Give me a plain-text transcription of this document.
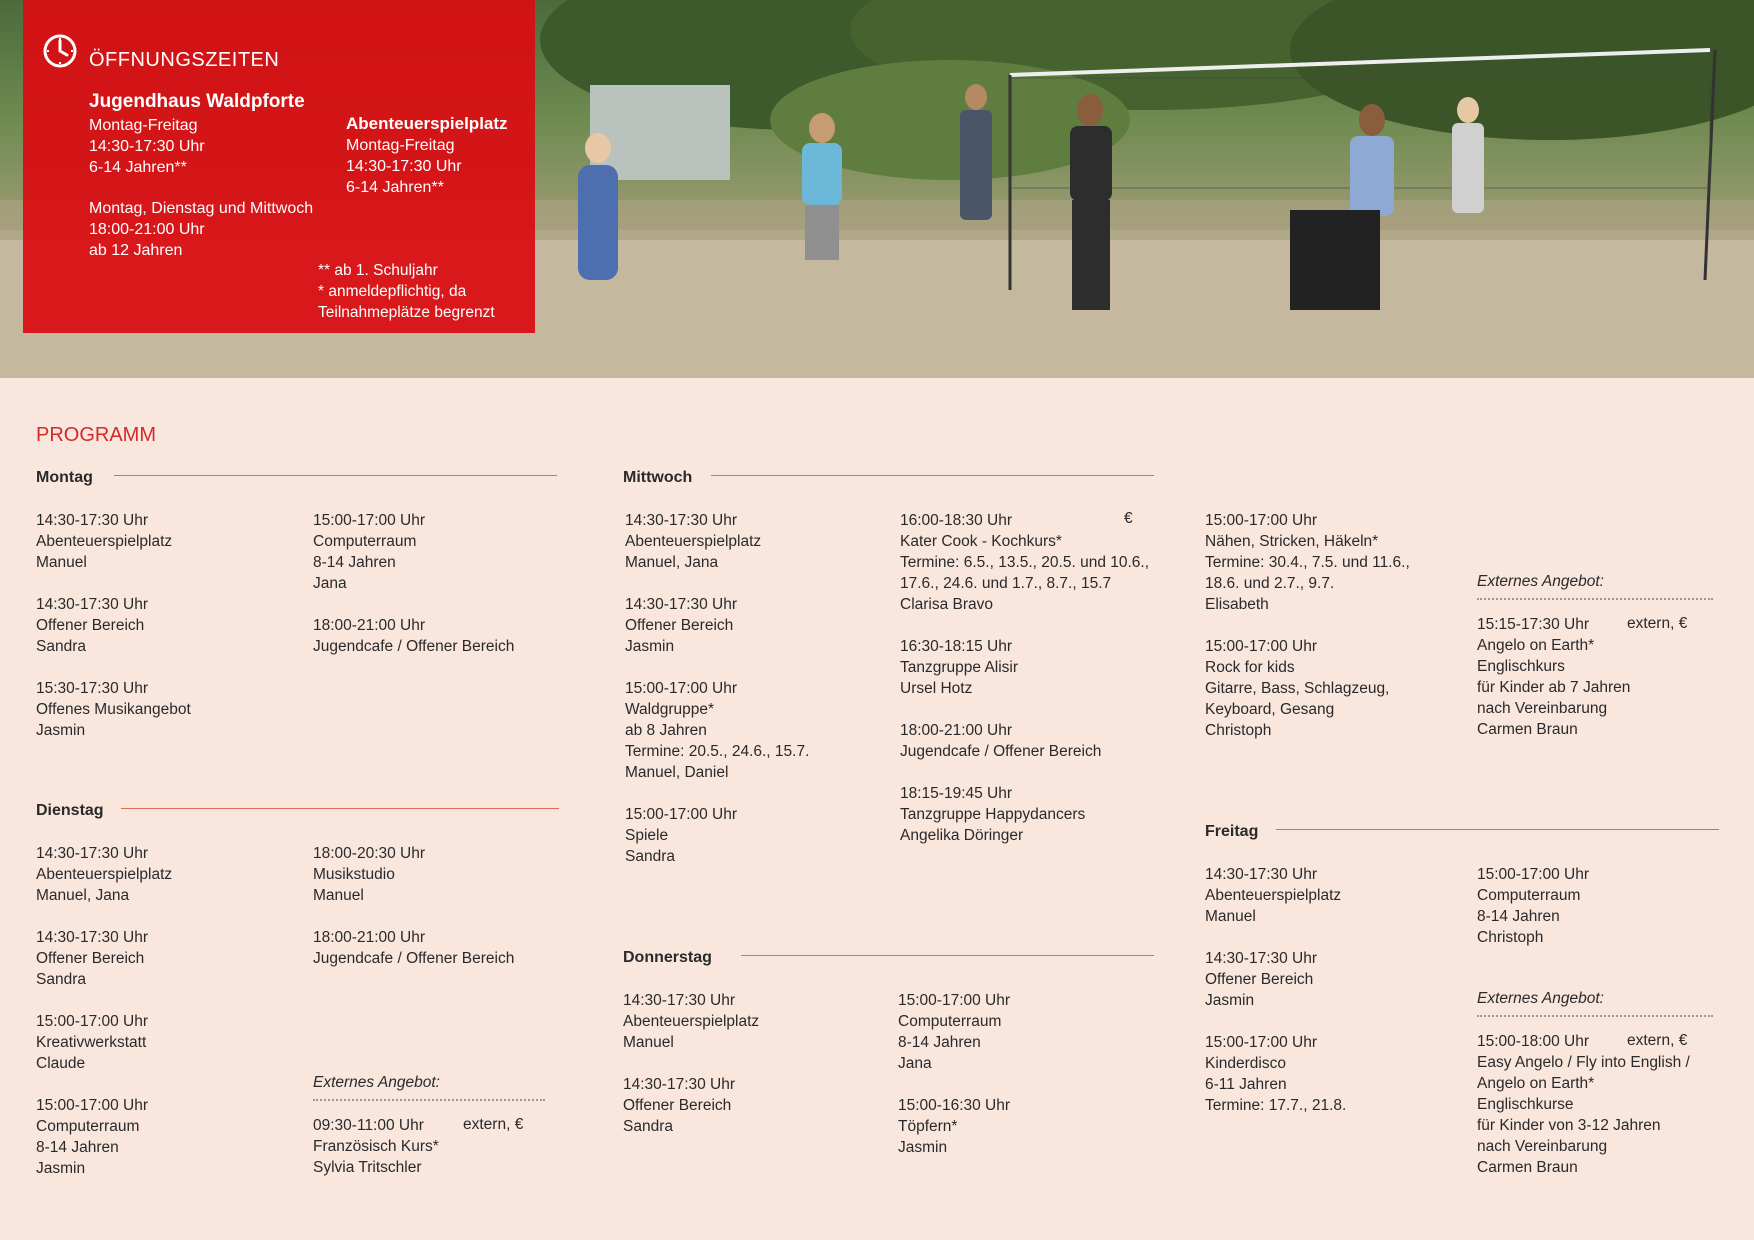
ÖFFNUNGSZEITEN
Jugendhaus Waldpforte
Montag-Freitag
14:30-17:30 Uhr
6-14 Jahren**
Montag, Dienstag und Mittwoch
18:00-21:00 Uhr
ab 12 Jahren
Abenteuerspielplatz
Montag-Freitag
14:30-17:30 Uhr
6-14 Jahren**
** ab 1. Schuljahr
* anmeldepflichtig, da
Teilnahmeplätze begrenzt
PROGRAMM
Montag
14:30-17:30 Uhr
Abenteuerspielplatz
Manuel
14:30-17:30 Uhr
Offener Bereich
Sandra
15:30-17:30 Uhr
Offenes Musikangebot
Jasmin
15:00-17:00 Uhr
Computerraum
8-14 Jahren
Jana
18:00-21:00 Uhr
Jugendcafe / Offener Bereich
Dienstag
14:30-17:30 Uhr
Abenteuerspielplatz
Manuel, Jana
14:30-17:30 Uhr
Offener Bereich
Sandra
15:00-17:00 Uhr
Kreativwerkstatt
Claude
15:00-17:00 Uhr
Computerraum
8-14 Jahren
Jasmin
18:00-20:30 Uhr
Musikstudio
Manuel
18:00-21:00 Uhr
Jugendcafe / Offener Bereich
Externes Angebot:
09:30-11:00 Uhr
Französisch Kurs*
Sylvia Tritschler
extern, €
Mittwoch
14:30-17:30 Uhr
Abenteuerspielplatz
Manuel, Jana
14:30-17:30 Uhr
Offener Bereich
Jasmin
15:00-17:00 Uhr
Waldgruppe*
ab 8 Jahren
Termine: 20.5., 24.6., 15.7.
Manuel, Daniel
15:00-17:00 Uhr
Spiele
Sandra
16:00-18:30 Uhr
Kater Cook - Kochkurs*
Termine: 6.5., 13.5., 20.5. und 10.6.,
17.6., 24.6. und 1.7., 8.7., 15.7
Clarisa Bravo
16:30-18:15 Uhr
Tanzgruppe Alisir
Ursel Hotz
18:00-21:00 Uhr
Jugendcafe / Offener Bereich
18:15-19:45 Uhr
Tanzgruppe Happydancers
Angelika Döringer
€	15:00-17:00 Uhr
Nähen, Stricken, Häkeln*
Termine: 30.4., 7.5. und 11.6.,
18.6. und 2.7., 9.7.
Elisabeth
15:00-17:00 Uhr
Rock for kids
Gitarre, Bass, Schlagzeug,
Keyboard, Gesang
Christoph
Externes Angebot:
15:15-17:30 Uhr
Angelo on Earth*
Englischkurs
für Kinder ab 7 Jahren
nach Vereinbarung
Carmen Braun
extern, €
Donnerstag
14:30-17:30 Uhr
Abenteuerspielplatz
Manuel
14:30-17:30 Uhr
Offener Bereich
Sandra
15:00-17:00 Uhr
Computerraum
8-14 Jahren
Jana
15:00-16:30 Uhr
Töpfern*
Jasmin
Freitag
14:30-17:30 Uhr
Abenteuerspielplatz
Manuel
14:30-17:30 Uhr
Offener Bereich
Jasmin
15:00-17:00 Uhr
Kinderdisco
6-11 Jahren
Termine: 17.7., 21.8.
15:00-17:00 Uhr
Computerraum
8-14 Jahren
Christoph
Externes Angebot:
15:00-18:00 Uhr
Easy Angelo / Fly into English /
Angelo on Earth*
Englischkurse
für Kinder von 3-12 Jahren
nach Vereinbarung
Carmen Braun
extern, €
